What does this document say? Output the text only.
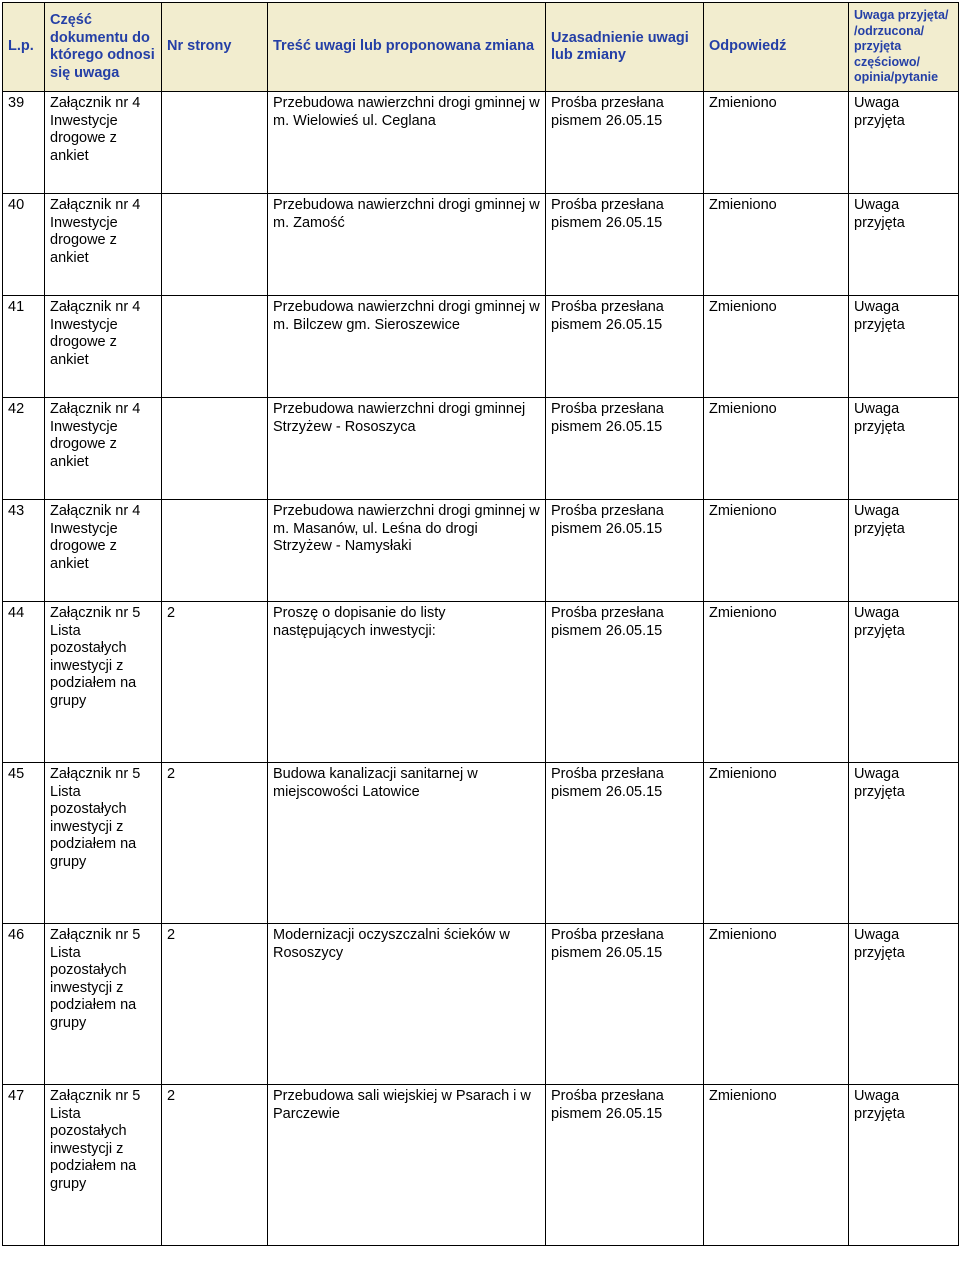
L.p.	Część dokumentu do którego odnosi się uwaga	Nr strony	Treść uwagi lub proponowana zmiana	Uzasadnienie uwagi lub zmiany	Odpowiedź	Uwaga przyjęta/ /odrzucona/ przyjęta częściowo/ opinia/pytanie
39	Załącznik nr 4 Inwestycje drogowe z ankiet		Przebudowa nawierzchni drogi gminnej w m. Wielowieś ul. Ceglana	Prośba przesłana pismem 26.05.15	Zmieniono	Uwaga przyjęta
40	Załącznik nr 4 Inwestycje drogowe z ankiet		Przebudowa nawierzchni drogi gminnej w m. Zamość	Prośba przesłana pismem 26.05.15	Zmieniono	Uwaga przyjęta
41	Załącznik nr 4 Inwestycje drogowe z ankiet		Przebudowa nawierzchni drogi gminnej w m. Bilczew gm. Sieroszewice	Prośba przesłana pismem 26.05.15	Zmieniono	Uwaga przyjęta
42	Załącznik nr 4 Inwestycje drogowe z ankiet		Przebudowa nawierzchni drogi gminnej Strzyżew - Rososzyca	Prośba przesłana pismem 26.05.15	Zmieniono	Uwaga przyjęta
43	Załącznik nr 4 Inwestycje drogowe z ankiet		Przebudowa nawierzchni drogi gminnej w m. Masanów, ul. Leśna do drogi Strzyżew - Namysłaki	Prośba przesłana pismem 26.05.15	Zmieniono	Uwaga przyjęta
44	Załącznik nr 5 Lista pozostałych inwestycji z podziałem na grupy	2	Proszę o dopisanie do listy następujących inwestycji:	Prośba przesłana pismem 26.05.15	Zmieniono	Uwaga przyjęta
45	Załącznik nr 5 Lista pozostałych inwestycji z podziałem na grupy	2	Budowa kanalizacji sanitarnej w miejscowości Latowice	Prośba przesłana pismem 26.05.15	Zmieniono	Uwaga przyjęta
46	Załącznik nr 5 Lista pozostałych inwestycji z podziałem na grupy	2	Modernizacji oczyszczalni ścieków w Rososzycy	Prośba przesłana pismem 26.05.15	Zmieniono	Uwaga przyjęta
47	Załącznik nr 5 Lista pozostałych inwestycji z podziałem na grupy	2	Przebudowa sali wiejskiej w Psarach i w Parczewie	Prośba przesłana pismem 26.05.15	Zmieniono	Uwaga przyjęta
